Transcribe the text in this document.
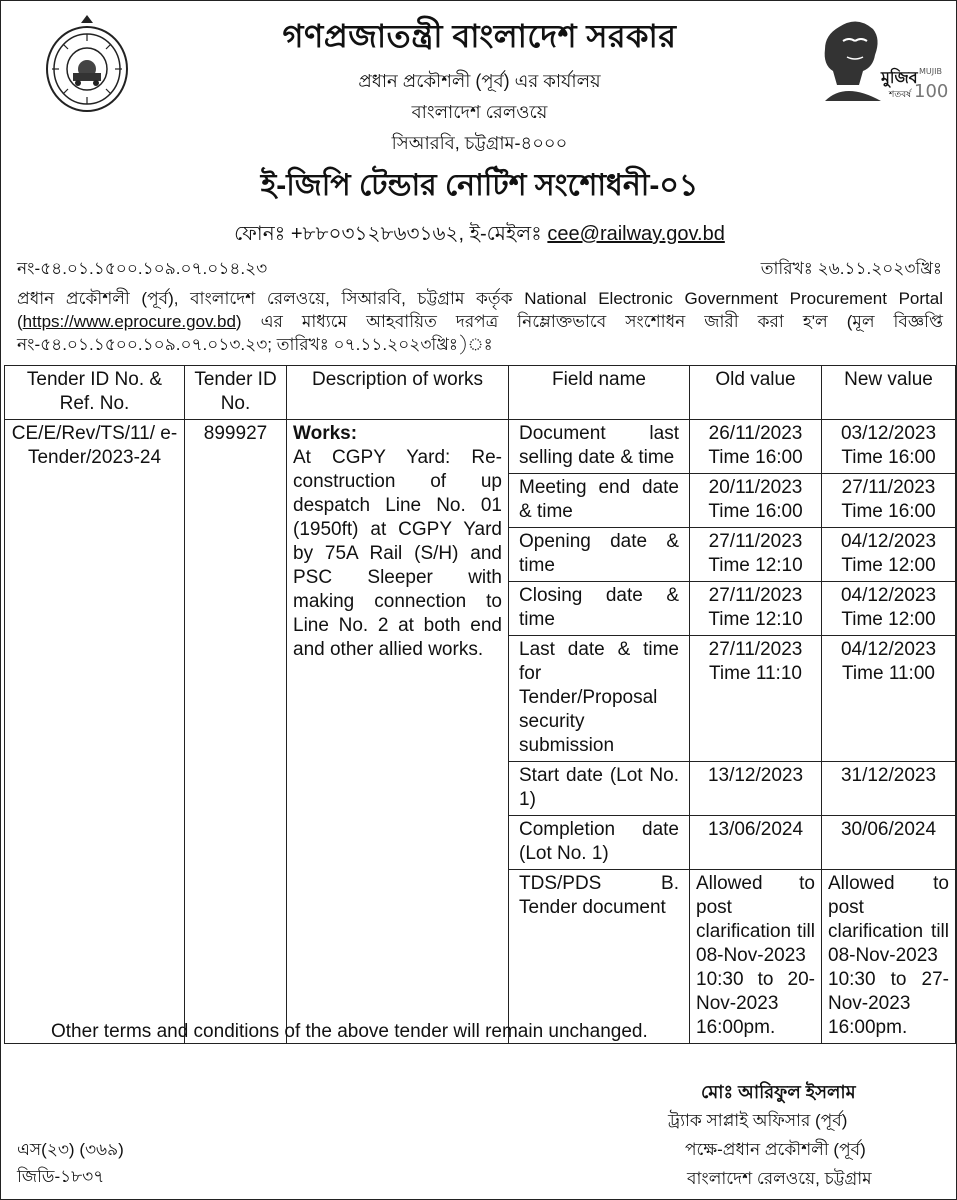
মুজিব MUJIB
শতবর্ষ 100
গণপ্রজাতন্ত্রী বাংলাদেশ সরকার
প্রধান প্রকৌশলী (পূর্ব) এর কার্যালয়
বাংলাদেশ রেলওয়ে
সিআরবি, চট্টগ্রাম-৪০০০
ই-জিপি টেন্ডার নোটিশ সংশোধনী-০১
ফোনঃ +৮৮০৩১২৮৬৩১৬২, ই-মেইলঃ cee@railway.gov.bd
নং-৫৪.০১.১৫০০.১০৯.০৭.০১৪.২৩	তারিখঃ ২৬.১১.২০২৩খ্রিঃ
প্রধান প্রকৌশলী (পূর্ব), বাংলাদেশ রেলওয়ে, সিআরবি, চট্টগ্রাম কর্তৃক National Electronic Government Procurement Portal (https://www.eprocure.gov.bd) এর মাধ্যমে আহবায়িত দরপত্র নিম্লোক্তভাবে সংশোধন জারী করা হ'ল (মূল বিজ্ঞপ্তি নং-৫৪.০১.১৫০০.১০৯.০৭.০১৩.২৩; তারিখঃ ০৭.১১.২০২৩খ্রিঃ)ঃ
Tender ID No. & Ref. No.	Tender ID No.	Description of works	Field name	Old value	New value
CE/E/Rev/TS/11/ e-Tender/2023-24	899927	Works:
At CGPY Yard: Re-construction of up despatch Line No. 01 (1950ft) at CGPY Yard by 75A Rail (S/H) and PSC Sleeper with making connection to Line No. 2 at both end and other allied works.	Document last selling date & time	26/11/2023 Time 16:00	03/12/2023 Time 16:00
			Meeting end date & time	20/11/2023 Time 16:00	27/11/2023 Time 16:00
			Opening date & time	27/11/2023 Time 12:10	04/12/2023 Time 12:00
			Closing date & time	27/11/2023 Time 12:10	04/12/2023 Time 12:00
			Last date & time for Tender/Proposal security submission	27/11/2023 Time 11:10	04/12/2023 Time 11:00
			Start date (Lot No. 1)	13/12/2023	31/12/2023
			Completion date (Lot No. 1)	13/06/2024	30/06/2024
			TDS/PDS B. Tender document	Allowed to post clarification till 08-Nov-2023 10:30 to 20-Nov-2023 16:00pm.	Allowed to post clarification till 08-Nov-2023 10:30 to 27-Nov-2023 16:00pm.
Other terms and conditions of the above tender will remain unchanged.
মোঃ আরিফুল ইসলাম
ট্র্যাক সাপ্লাই অফিসার (পূর্ব)
পক্ষে-প্রধান প্রকৌশলী (পূর্ব)
বাংলাদেশ রেলওয়ে, চট্টগ্রাম
এস(২৩) (৩৬৯)
জিডি-১৮৩৭
